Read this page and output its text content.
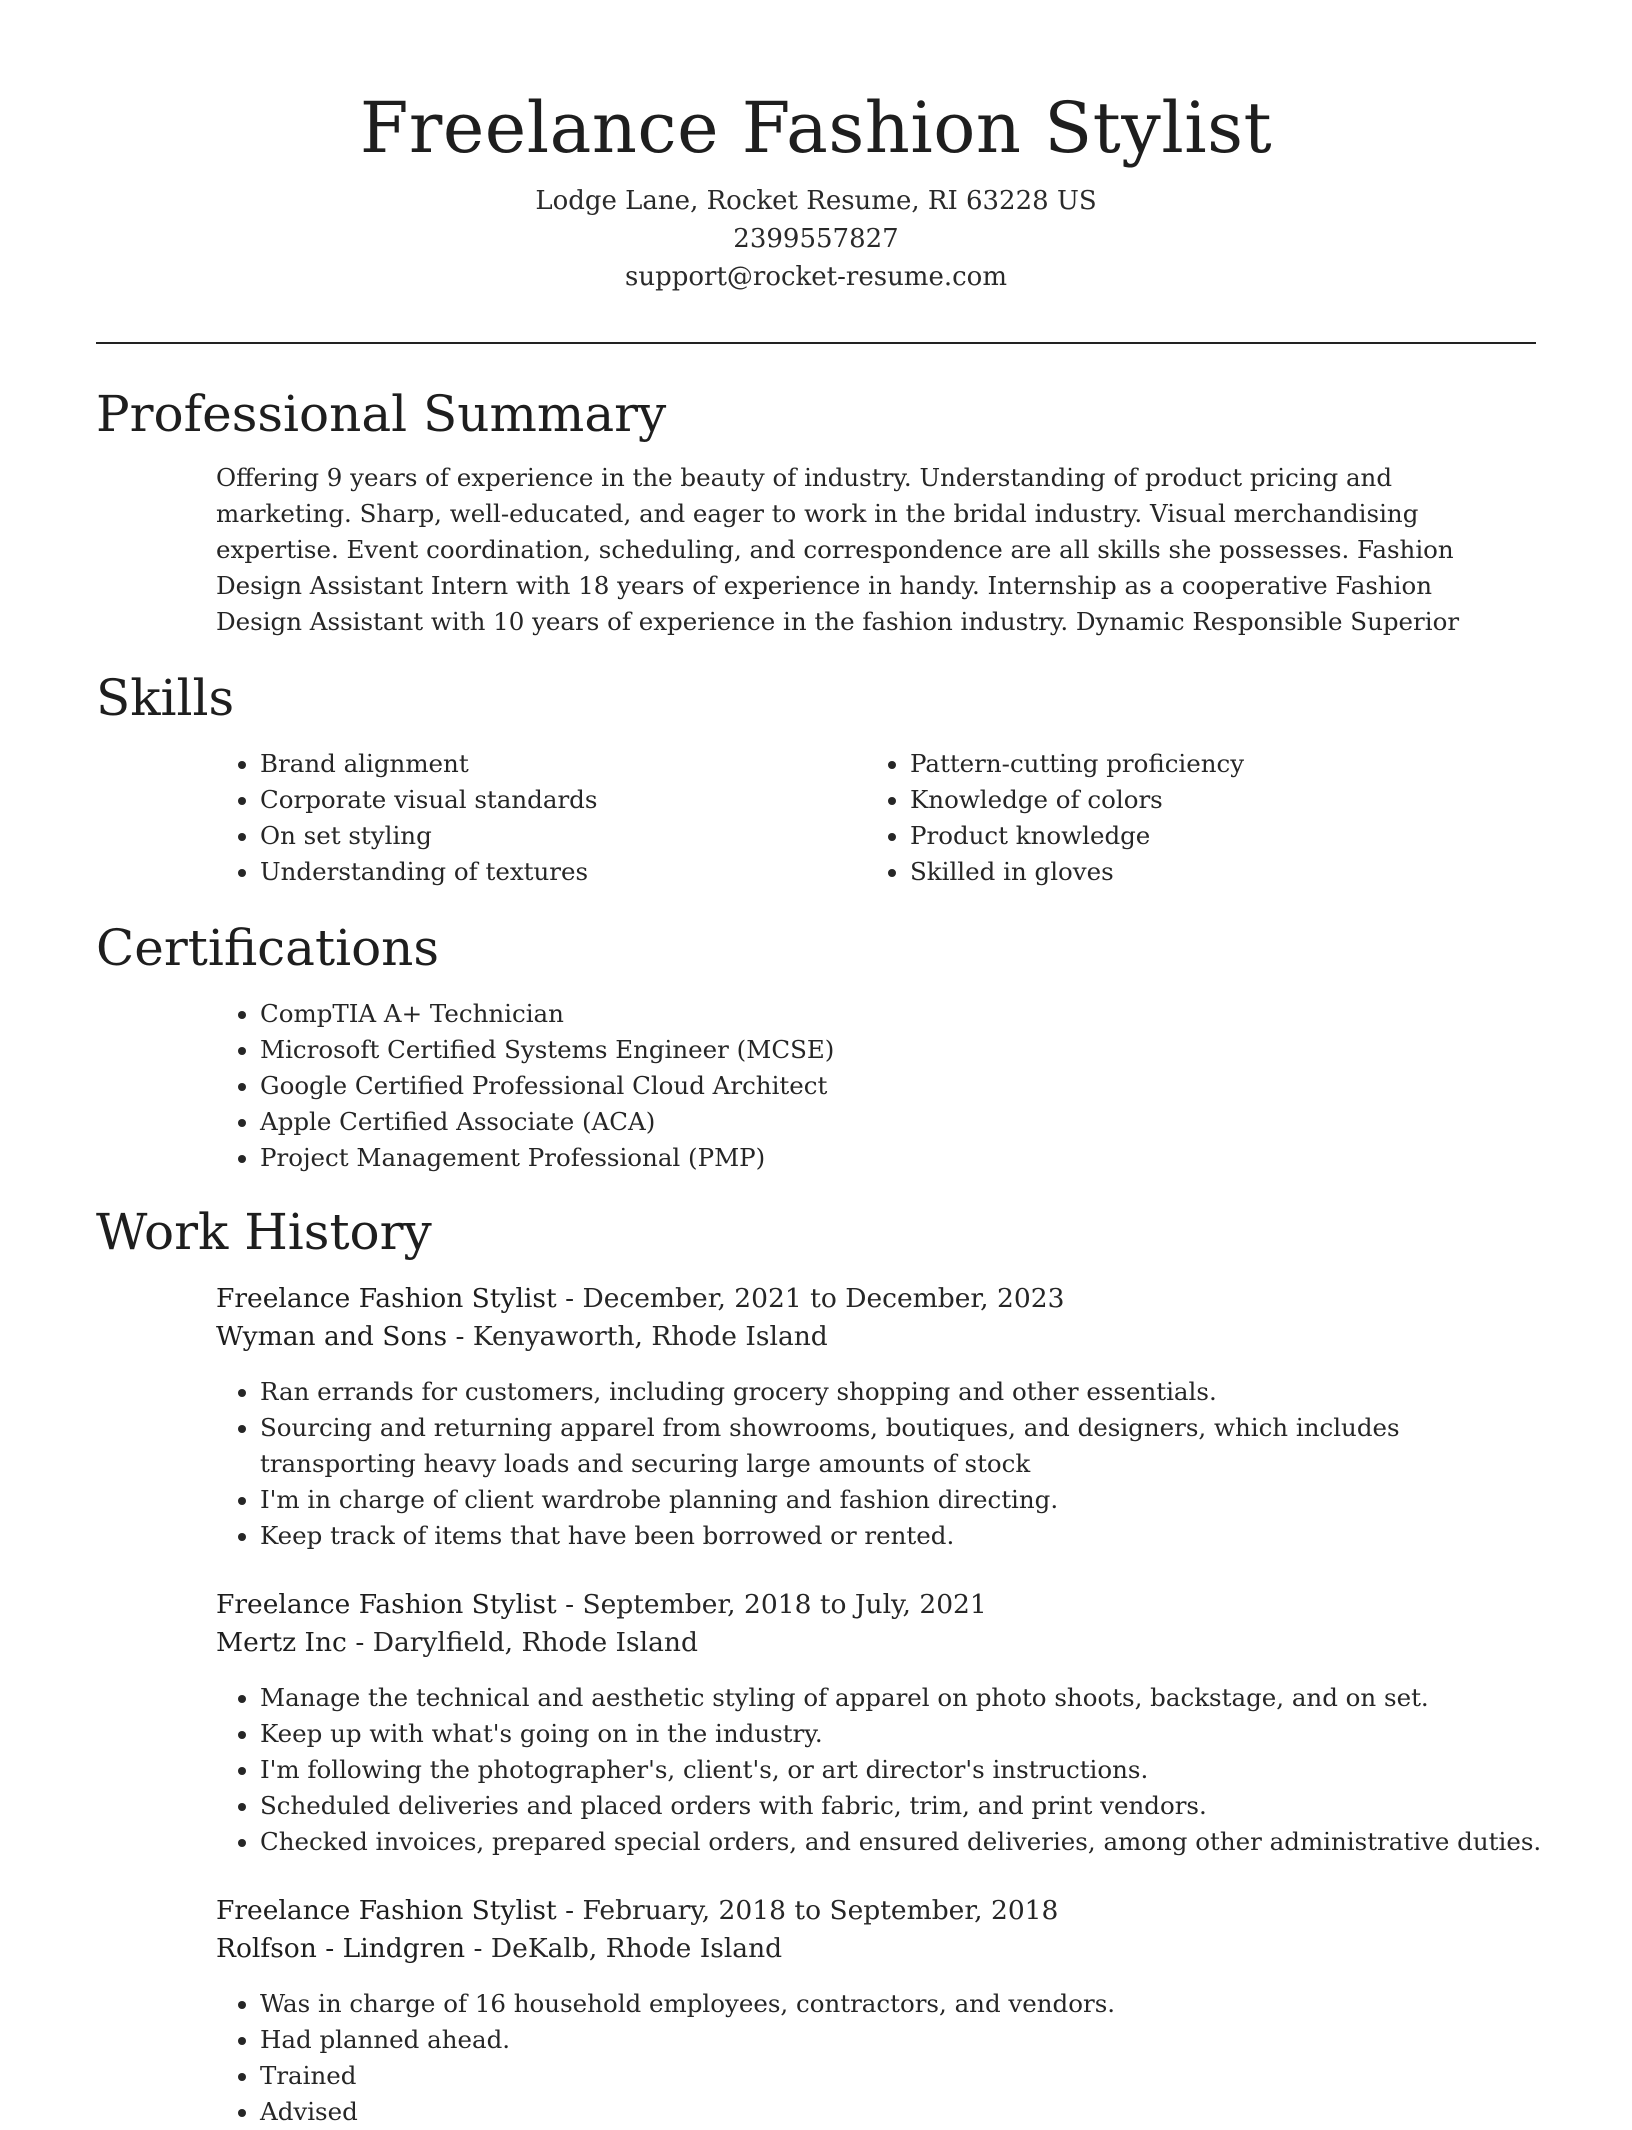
Freelance Fashion Stylist
Lodge Lane, Rocket Resume, RI 63228 US
2399557827
support@rocket-resume.com
Professional Summary

Offering 9 years of experience in the beauty of industry. Understanding of product pricing and marketing. Sharp, well-educated, and eager to work in the bridal industry. Visual merchandising expertise. Event coordination, scheduling, and correspondence are all skills she possesses. Fashion Design Assistant Intern with 18 years of experience in handy. Internship as a cooperative Fashion Design Assistant with 10 years of experience in the fashion industry. Dynamic Responsible Superior

Skills
• Brand alignment
• Corporate visual standards
• On set styling
• Understanding of textures
• Pattern-cutting proficiency
• Knowledge of colors
• Product knowledge
• Skilled in gloves
Certifications
• CompTIA A+ Technician
• Microsoft Certified Systems Engineer (MCSE)
• Google Certified Professional Cloud Architect
• Apple Certified Associate (ACA)
• Project Management Professional (PMP)
Work History
Freelance Fashion Stylist - December, 2021 to December, 2023
Wyman and Sons - Kenyaworth, Rhode Island
• Ran errands for customers, including grocery shopping and other essentials.
• Sourcing and returning apparel from showrooms, boutiques, and designers, which includes transporting heavy loads and securing large amounts of stock
• I'm in charge of client wardrobe planning and fashion directing.
• Keep track of items that have been borrowed or rented.
Freelance Fashion Stylist - September, 2018 to July, 2021
Mertz Inc - Darylfield, Rhode Island
• Manage the technical and aesthetic styling of apparel on photo shoots, backstage, and on set.
• Keep up with what's going on in the industry.
• I'm following the photographer's, client's, or art director's instructions.
• Scheduled deliveries and placed orders with fabric, trim, and print vendors.
• Checked invoices, prepared special orders, and ensured deliveries, among other administrative duties.
Freelance Fashion Stylist - February, 2018 to September, 2018
Rolfson - Lindgren - DeKalb, Rhode Island
• Was in charge of 16 household employees, contractors, and vendors.
• Had planned ahead.
• Trained
• Advised
